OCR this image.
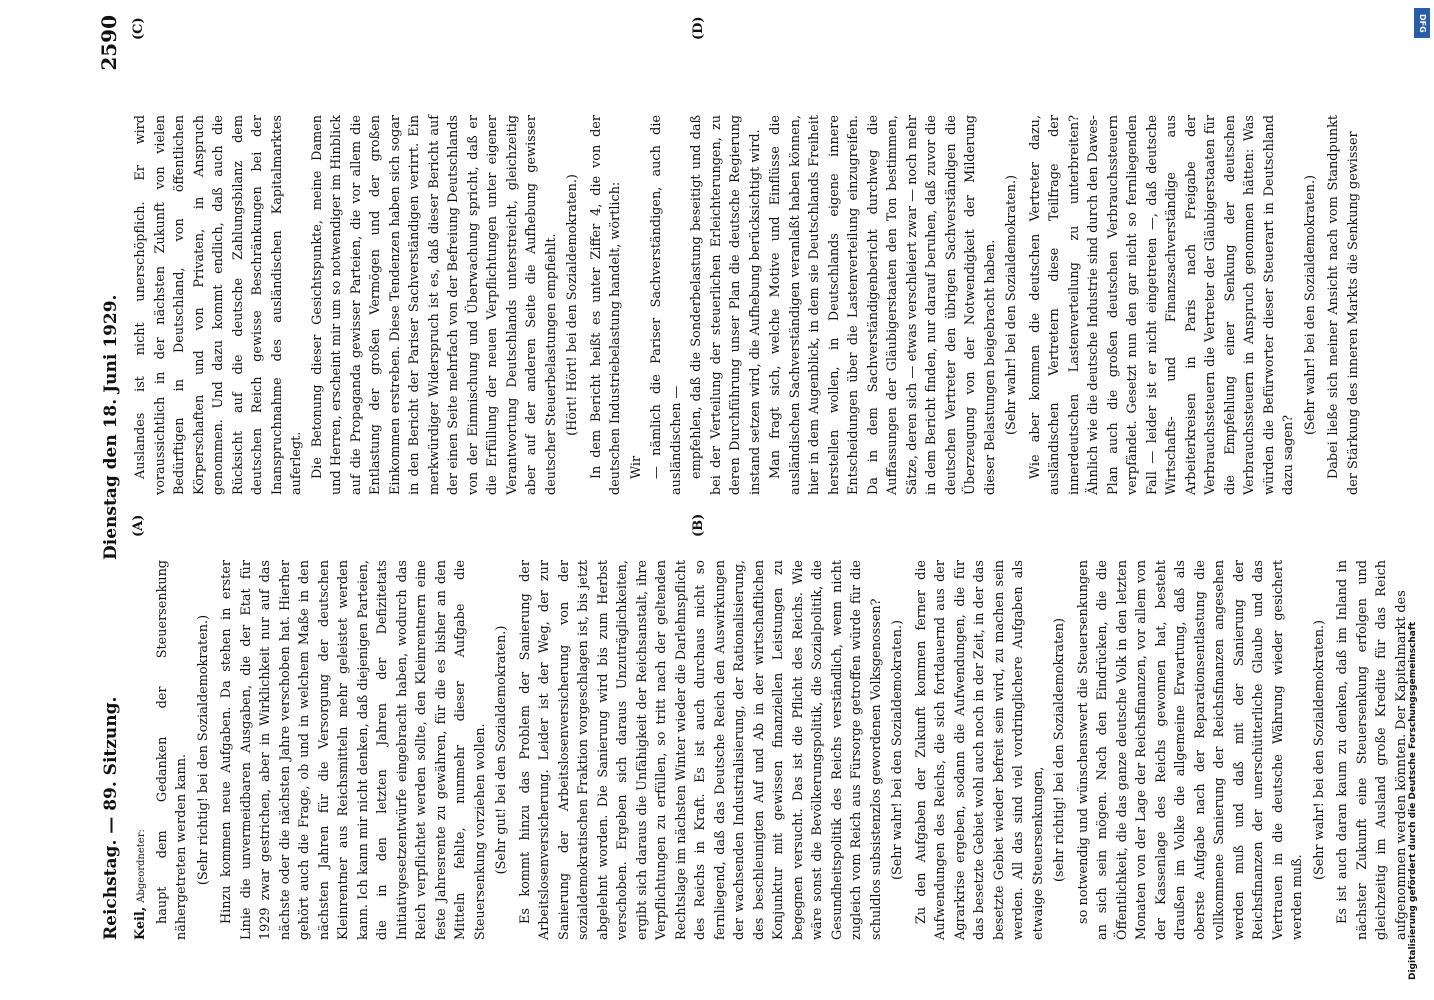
Reichstag. — 89. Sitzung.
Dienstag den 18. Juni 1929.
2590
Keil, Abgeordneter: haupt dem Gedanken der Steuersenkung nähergetreten werden kann. (Sehr richtig! bei den Sozialdemokraten.) Hinzu kommen neue Aufgaben. Da stehen in erster Linie die unvermeidbaren Ausgaben, die der Etat für 1929 zwar gestrichen, aber in Wirklichkeit nur auf das nächste oder die nächsten Jahre verschoben hat. Hierher gehört auch die Frage, ob und in welchem Maße in den nächsten Jahren für die Versorgung der deutschen Kleinrentner aus Reichsmitteln mehr geleistet werden kann. Ich kann mir nicht denken, daß diejenigen Parteien, die in den letzten Jahren der Defizitetats Initiativgesetzentwürfe eingebracht haben, wodurch das Reich verpflichtet werden sollte, den Kleinrentnern eine feste Jahresrente zu gewähren, für die es bisher an den Mitteln fehlte, nunmehr dieser Aufgabe die Steuersenkung vorziehen wollen. (Sehr gut! bei den Sozialdemokraten.) Es kommt hinzu das Problem der Sanierung der Arbeitslosenversicherung. Leider ist der Weg, der zur Sanierung der Arbeitslosenversicherung von der sozialdemokratischen Fraktion vorgeschlagen ist, bis jetzt abgelehnt worden. Die Sanierung wird bis zum Herbst verschoben. Ergeben sich daraus Unzuträglichkeiten, ergibt sich daraus die Unfähigkeit der Reichsanstalt, ihre Verpflichtungen zu erfüllen, so tritt nach der geltenden Rechtslage im nächsten Winter wieder die Darlehnspflicht des Reichs in Kraft. Es ist auch durchaus nicht so fernliegend, daß das Deutsche Reich den Auswirkungen der wachsenden Industrialisierung, der Rationalisierung, des beschleunigten Auf und Ab in der wirtschaftlichen Konjunktur mit gewissen finanziellen Leistungen zu begegnen versucht. Das ist die Pflicht des Reichs. Wie wäre sonst die Bevölkerungspolitik, die Sozialpolitik, die Gesundheitspolitik des Reichs verständlich, wenn nicht zugleich vom Reich aus Fürsorge getroffen würde für die schuldlos subsistenzlos gewordenen Volksgenossen? (Sehr wahr! bei den Sozialdemokraten.) Zu den Aufgaben der Zukunft kommen ferner die Aufwendungen des Reichs, die sich fortdauernd aus der Agrarkrise ergeben, sodann die Aufwendungen, die für das besetzte Gebiet wohl auch noch in der Zeit, in der das besetzte Gebiet wieder befreit sein wird, zu machen sein werden. All das sind viel vordringlichere Aufgaben als etwaige Steuersenkungen, (sehr richtig! bei den Sozialdemokraten) so notwendig und wünschenswert die Steuersenkungen an sich sein mögen. Nach den Eindrücken, die die Öffentlichkeit, die das ganze deutsche Volk in den letzten Monaten von der Lage der Reichsfinanzen, vor allem von der Kassenlage des Reichs gewonnen hat, besteht draußen im Volke die allgemeine Erwartung, daß als oberste Aufgabe nach der Reparationsentlastung die vollkommene Sanierung der Reichsfinanzen angesehen werden muß und daß mit der Sanierung der Reichsfinanzen der unerschütterliche Glaube und das Vertrauen in die deutsche Währung wieder gesichert werden muß.
(Sehr wahr! bei den Sozialdemokraten.) Es ist auch daran kaum zu denken, daß im Inland in nächster Zukunft eine Steuersenkung erfolgen und gleichzeitig im Ausland große Kredite für das Reich aufgenommen werden könnten. Der Kapitalmarkt des
(A)	(B)
Auslandes ist nicht unerschöpflich. Er wird voraussichtlich in der nächsten Zukunft von vielen Bedürftigen in Deutschland, von öffentlichen Körperschaften und von Privaten, in Anspruch genommen. Und dazu kommt endlich, daß auch die Rücksicht auf die deutsche Zahlungsbilanz dem deutschen Reich gewisse Beschränkungen bei der Inanspruchnahme des ausländischen Kapitalmarktes auferlegt. Die Betonung dieser Gesichtspunkte, meine Damen und Herren, erscheint mir um so notwendiger im Hinblick auf die Propaganda gewisser Parteien, die vor allem die Entlastung der großen Vermögen und der großen Einkommen erstreben. Diese Tendenzen haben sich sogar in den Bericht der Pariser Sachverständigen verirrt. Ein merkwürdiger Widerspruch ist es, daß dieser Bericht auf der einen Seite mehrfach von der Befreiung Deutschlands von der Einmischung und Überwachung spricht, daß er die Erfüllung der neuen Verpflichtungen unter eigener Verantwortung Deutschlands unterstreicht, gleichzeitig aber auf der anderen Seite die Aufhebung gewisser deutscher Steuerbelastungen empfiehlt. (Hört! Hört! bei den Sozialdemokraten.) In dem Bericht heißt es unter Ziffer 4, die von der deutschen Industriebelastung handelt, wörtlich: Wir — nämlich die Pariser Sachverständigen, auch die ausländischen — empfehlen, daß die Sonderbelastung beseitigt und daß bei der Verteilung der steuerlichen Erleichterungen, zu deren Durchführung unser Plan die deutsche Regierung instand setzen wird, die Aufhebung berücksichtigt wird. Man fragt sich, welche Motive und Einflüsse die ausländischen Sachverständigen veranlaßt haben können, hier in dem Augenblick, in dem sie Deutschlands Freiheit herstellen wollen, in Deutschlands eigene innere Entscheidungen über die Lastenverteilung einzugreifen. Da in dem Sachverständigenbericht durchweg die Auffassungen der Gläubigerstaaten den Ton bestimmen, Sätze, deren sich — etwas verschleiert zwar — noch mehr in dem Bericht finden, nur darauf beruhen, daß zuvor die deutschen Vertreter den übrigen Sachverständigen die Überzeugung von der Notwendigkeit der Milderung dieser Belastungen beigebracht haben. (Sehr wahr! bei den Sozialdemokraten.) Wie aber kommen die deutschen Vertreter dazu, ausländischen Vertretern diese Teilfrage der innerdeutschen Lastenverteilung zu unterbreiten? Ähnlich wie die deutsche Industrie sind durch den Dawes-Plan auch die großen deutschen Verbrauchssteuern verpfändet. Gesetzt nun den gar nicht so fernliegenden Fall — leider ist er nicht eingetreten —, daß deutsche Wirtschafts- und Finanzsachverständige aus Arbeiterkreisen in Paris nach Freigabe der Verbrauchssteuern die Vertreter der Gläubigerstaaten für die Empfehlung einer Senkung der deutschen Verbrauchssteuern in Anspruch genommen hätten: Was würden die Befürworter dieser Steuerart in Deutschland dazu sagen?
(Sehr wahr! bei den Sozialdemokraten.) Dabei ließe sich meiner Ansicht nach vom Standpunkt der Stärkung des inneren Markts die Senkung gewisser
(C)	(D)	DFG
Digitalisierung gefördert durch die Deutsche Forschungsgemeinschaft
